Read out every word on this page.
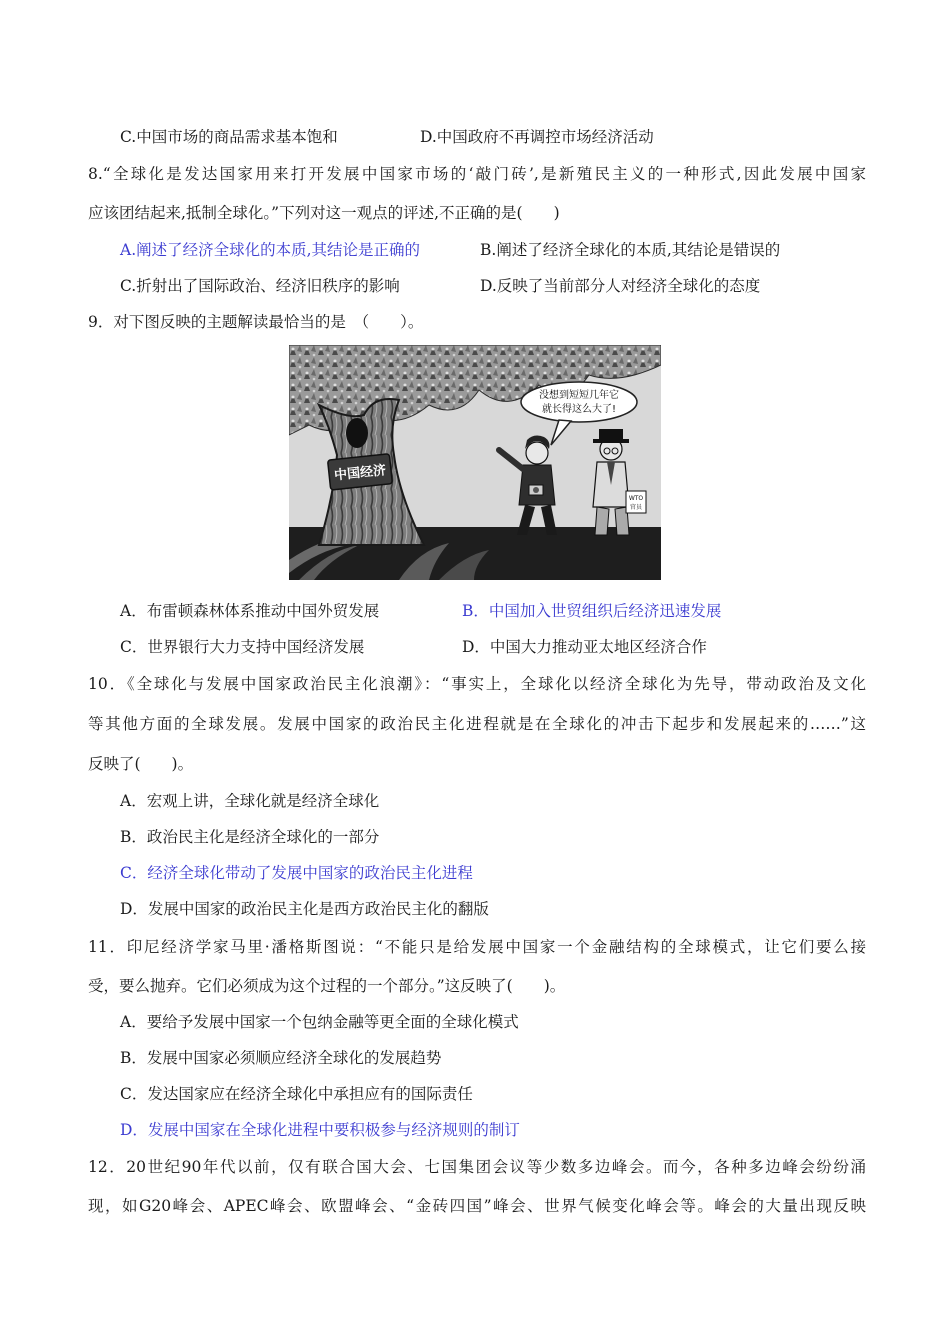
C.中国市场的商品需求基本饱和	D.中国政府不再调控市场经济活动
8.“全球化是发达国家用来打开发展中国家市场的‘敲门砖’,是新殖民主义的一种形式,因此发展中国家
应该团结起来,抵制全球化。”下列对这一观点的评述,不正确的是(　　)
A.阐述了经济全球化的本质,其结论是正确的	B.阐述了经济全球化的本质,其结论是错误的
C.折射出了国际政治、经济旧秩序的影响	D.反映了当前部分人对经济全球化的态度
9．对下图反映的主题解读最恰当的是　（　　）。
中国经济
没想到短短几年它
就长得这么大了!
WTO
官员
A．布雷顿森林体系推动中国外贸发展	B．中国加入世贸组织后经济迅速发展
C．世界银行大力支持中国经济发展	D．中国大力推动亚太地区经济合作
10．《全球化与发展中国家政治民主化浪潮》：“事实上，全球化以经济全球化为先导，带动政治及文化
等其他方面的全球发展。发展中国家的政治民主化进程就是在全球化的冲击下起步和发展起来的……”这
反映了(　　)。
A．宏观上讲，全球化就是经济全球化
B．政治民主化是经济全球化的一部分
C．经济全球化带动了发展中国家的政治民主化进程
D．发展中国家的政治民主化是西方政治民主化的翻版
11．印尼经济学家马里·潘格斯图说：“不能只是给发展中国家一个金融结构的全球模式，让它们要么接
受，要么抛弃。它们必须成为这个过程的一个部分。”这反映了(　　)。
A．要给予发展中国家一个包纳金融等更全面的全球化模式
B．发展中国家必须顺应经济全球化的发展趋势
C．发达国家应在经济全球化中承担应有的国际责任
D．发展中国家在全球化进程中要积极参与经济规则的制订
12．20世纪90年代以前，仅有联合国大会、七国集团会议等少数多边峰会。而今，各种多边峰会纷纷涌
现，如G20峰会、APEC峰会、欧盟峰会、“金砖四国”峰会、世界气候变化峰会等。峰会的大量出现反映
